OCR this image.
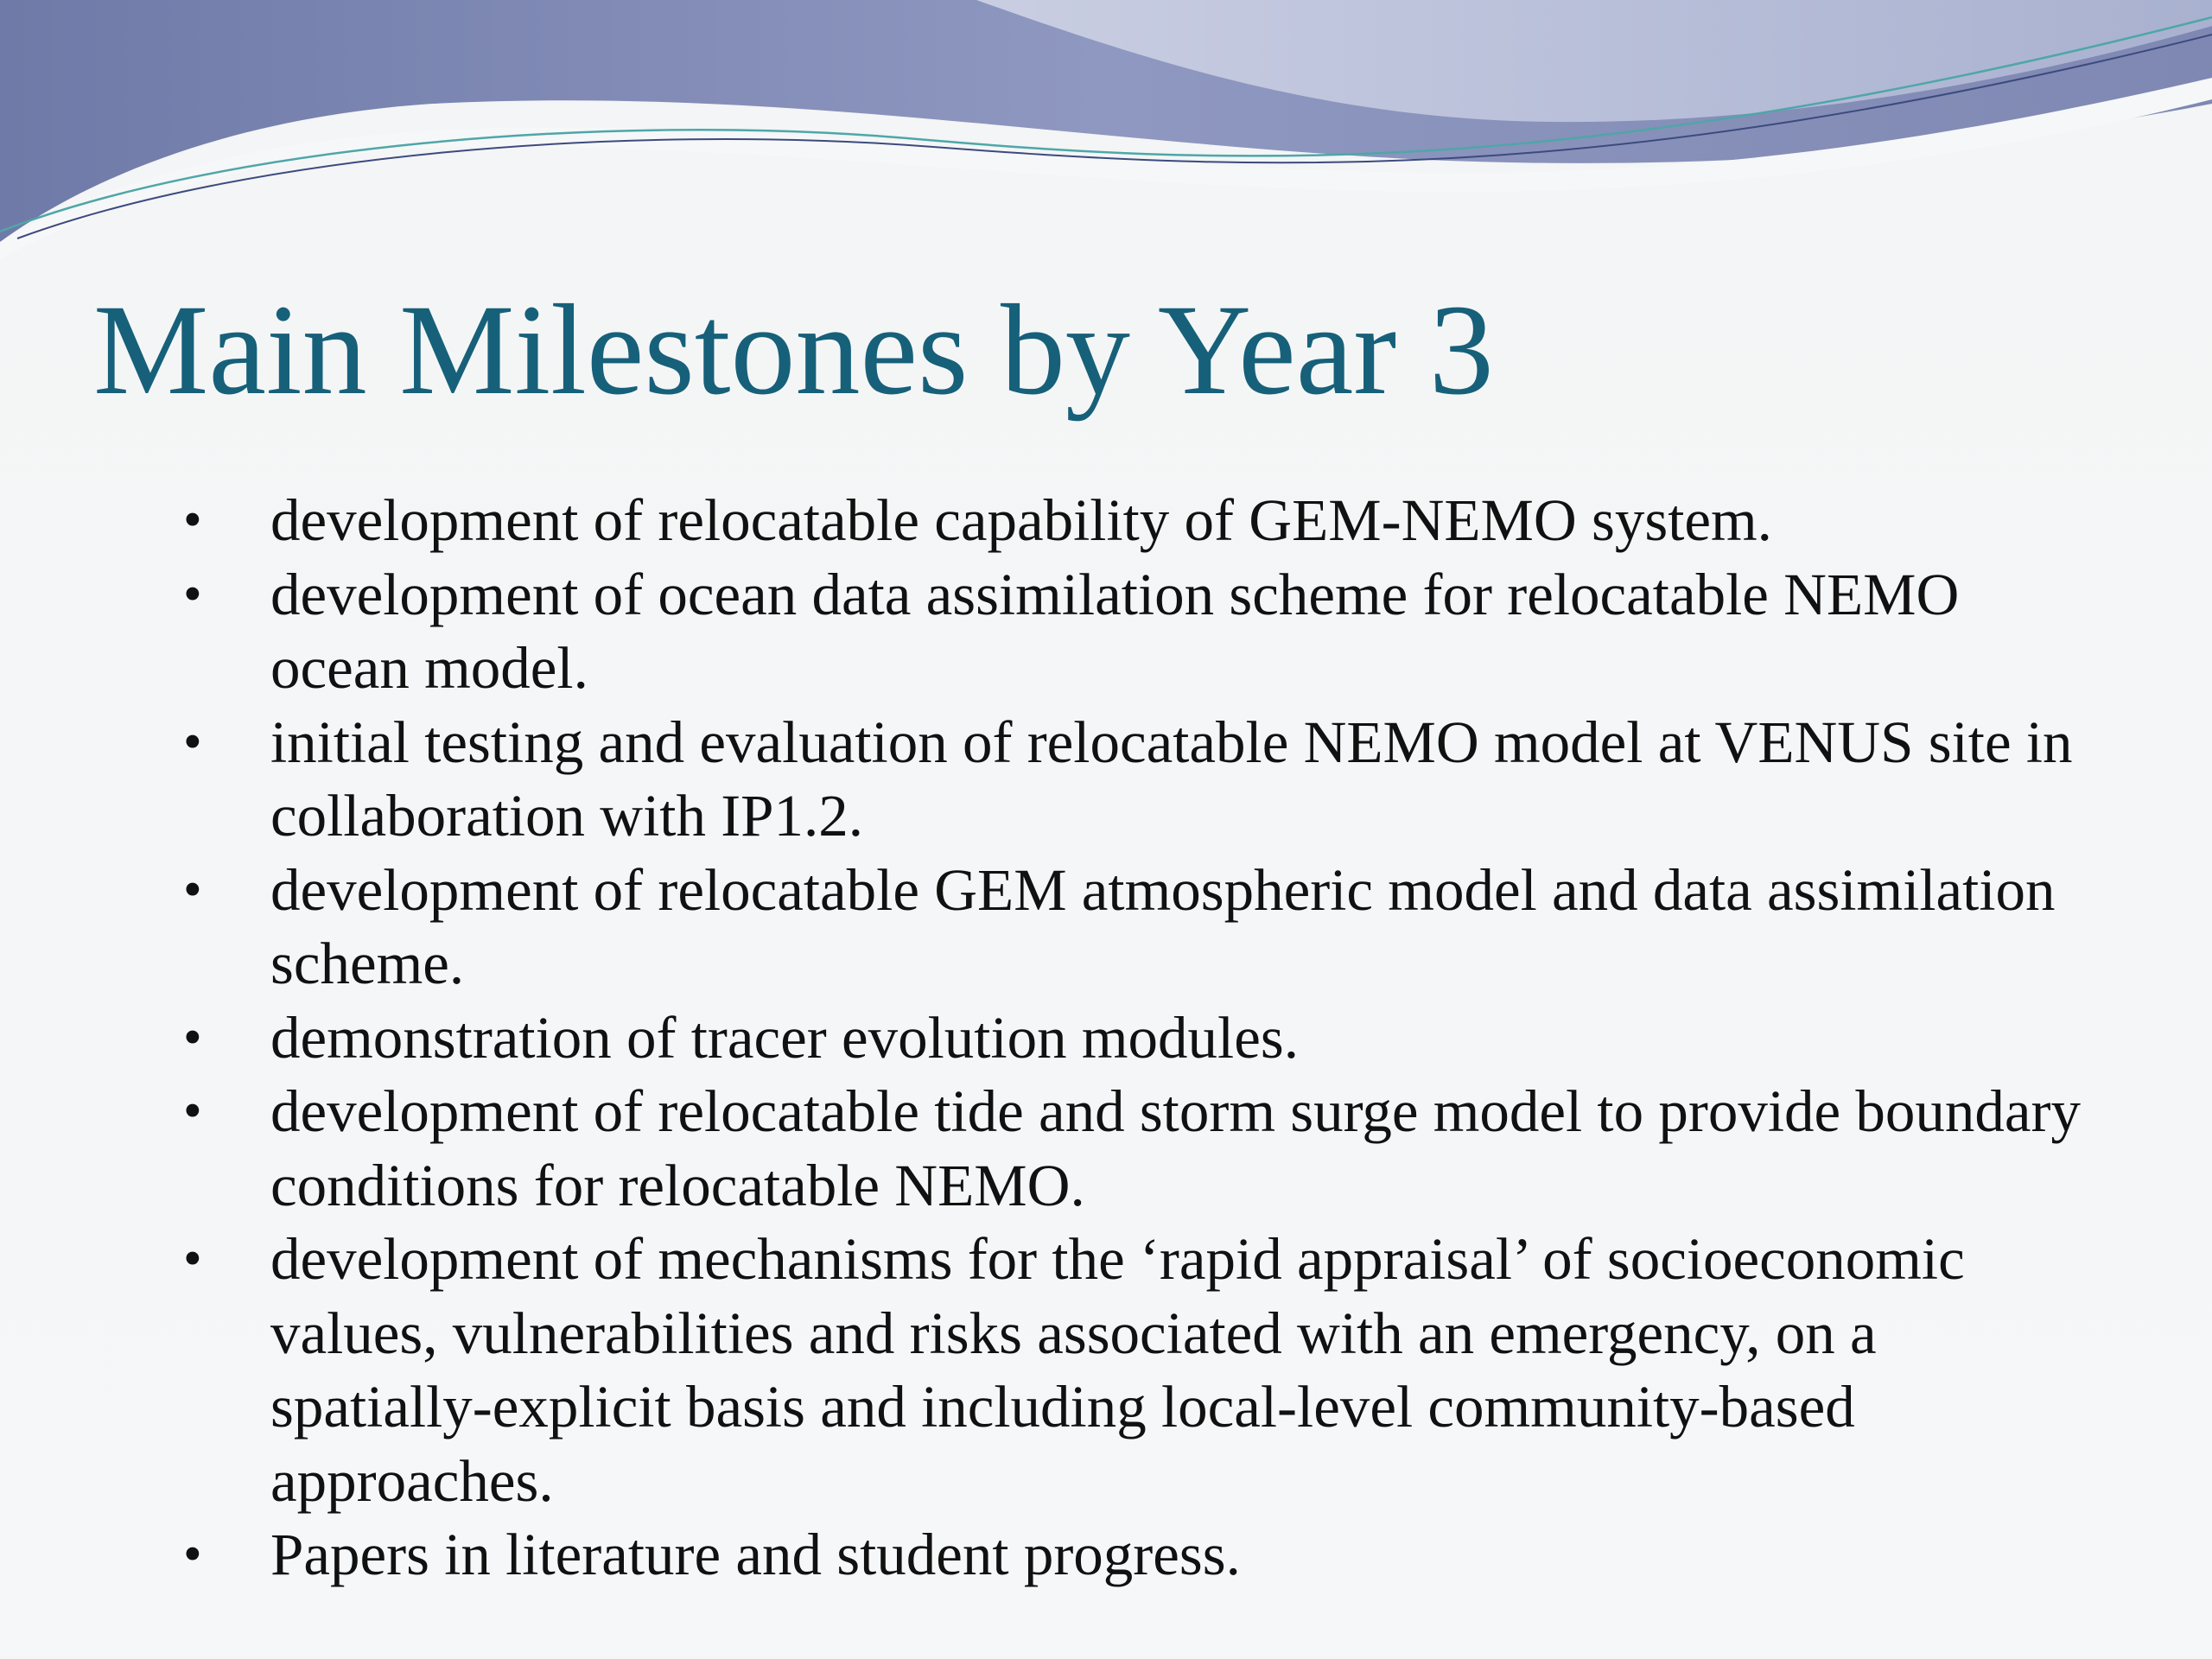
Main Milestones by Year 3
• development of relocatable capability of GEM-NEMO system.
• development of ocean data assimilation scheme for relocatable NEMO ocean model.
• initial testing and evaluation of relocatable NEMO model at VENUS site in collaboration with IP1.2.
• development of relocatable GEM atmospheric model and data assimilation scheme.
• demonstration of tracer evolution modules.
• development of relocatable tide and storm surge model to provide boundary conditions for relocatable NEMO.
• development of mechanisms for the ‘rapid appraisal’ of socioeconomic values, vulnerabilities and risks associated with an emergency, on a spatially-explicit basis and including local-level community-based approaches.
• Papers in literature and student progress.
